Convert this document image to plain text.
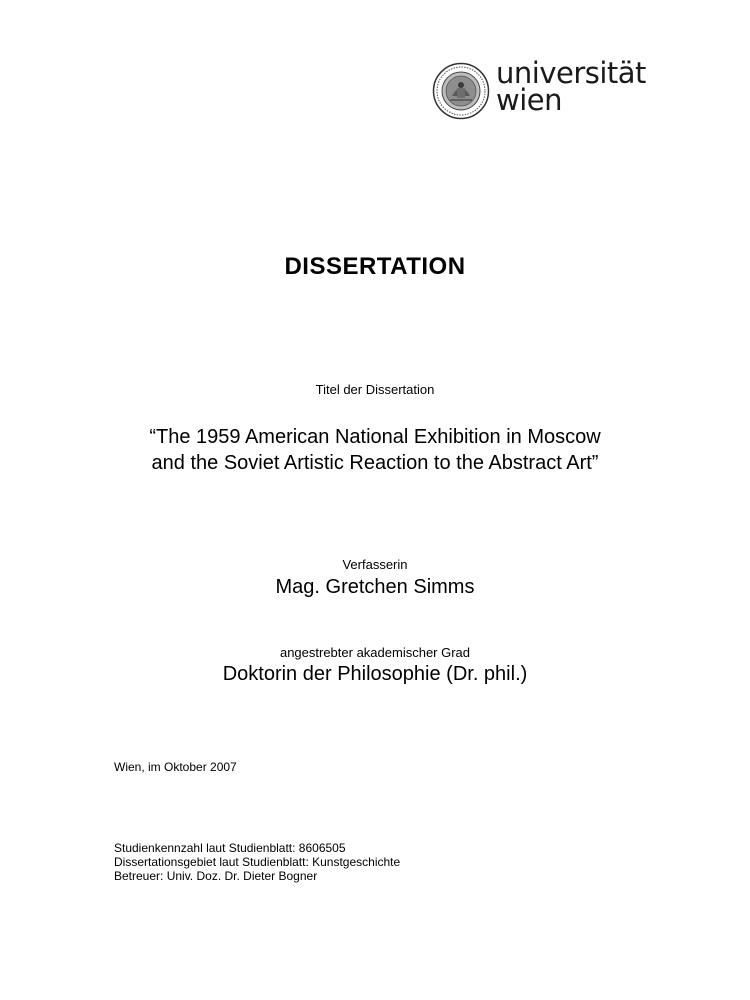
universität
wien
DISSERTATION
Titel der Dissertation
“The 1959 American National Exhibition in Moscow
and the Soviet Artistic Reaction to the Abstract Art”
Verfasserin
Mag. Gretchen Simms
angestrebter akademischer Grad
Doktorin der Philosophie (Dr. phil.)
Wien, im Oktober 2007
Studienkennzahl laut Studienblatt: 8606505
Dissertationsgebiet laut Studienblatt: Kunstgeschichte
Betreuer: Univ. Doz. Dr. Dieter Bogner
